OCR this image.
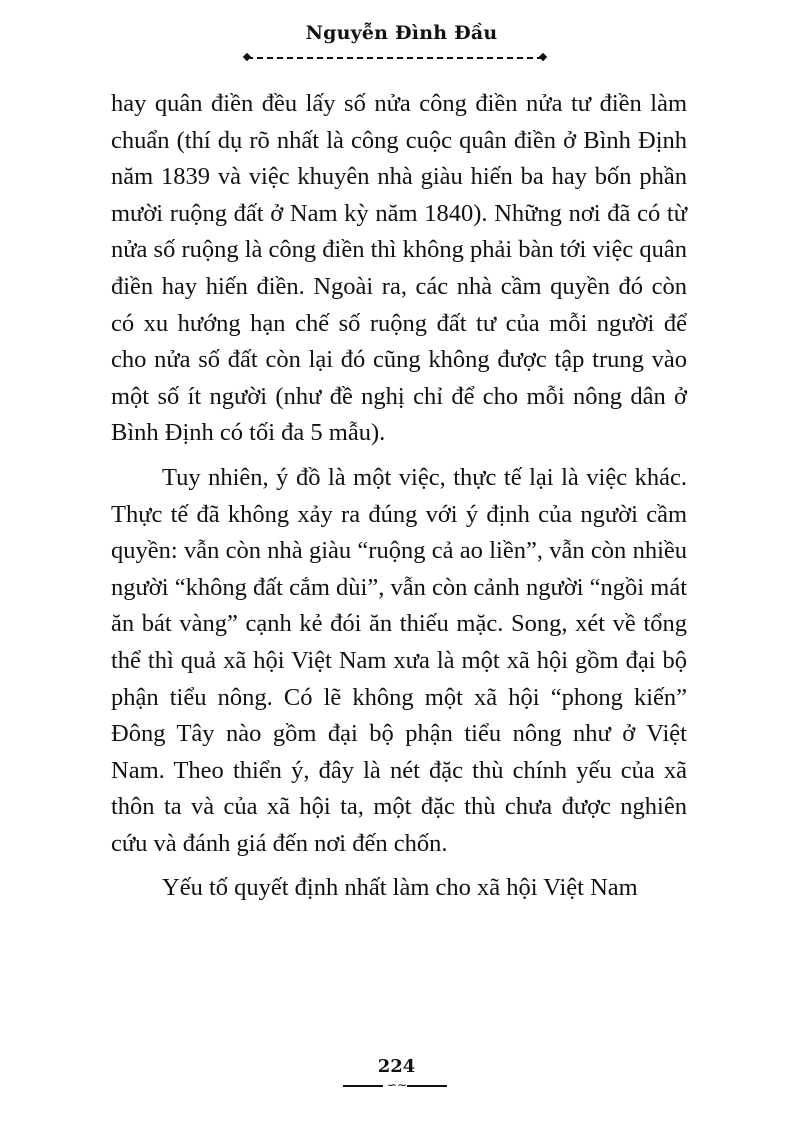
Nguyễn Đình Đầu

hay quân điền đều lấy số nửa công điền nửa tư điền làm chuẩn (thí dụ rõ nhất là công cuộc quân điền ở Bình Định năm 1839 và việc khuyên nhà giàu hiến ba hay bốn phần mười ruộng đất ở Nam kỳ năm 1840). Những nơi đã có từ nửa số ruộng là công điền thì không phải bàn tới việc quân điền hay hiến điền. Ngoài ra, các nhà cầm quyền đó còn có xu hướng hạn chế số ruộng đất tư của mỗi người để cho nửa số đất còn lại đó cũng không được tập trung vào một số ít người (như đề nghị chỉ để cho mỗi nông dân ở Bình Định có tối đa 5 mẫu).

Tuy nhiên, ý đồ là một việc, thực tế lại là việc khác. Thực tế đã không xảy ra đúng với ý định của người cầm quyền: vẫn còn nhà giàu “ruộng cả ao liền”, vẫn còn nhiều người “không đất cắm dùi”, vẫn còn cảnh người “ngồi mát ăn bát vàng” cạnh kẻ đói ăn thiếu mặc. Song, xét về tổng thể thì quả xã hội Việt Nam xưa là một xã hội gồm đại bộ phận tiểu nông. Có lẽ không một xã hội “phong kiến” Đông Tây nào gồm đại bộ phận tiểu nông như ở Việt Nam. Theo thiển ý, đây là nét đặc thù chính yếu của xã thôn ta và của xã hội ta, một đặc thù chưa được nghiên cứu và đánh giá đến nơi đến chốn.

Yếu tố quyết định nhất làm cho xã hội Việt Nam

224
∽∼
